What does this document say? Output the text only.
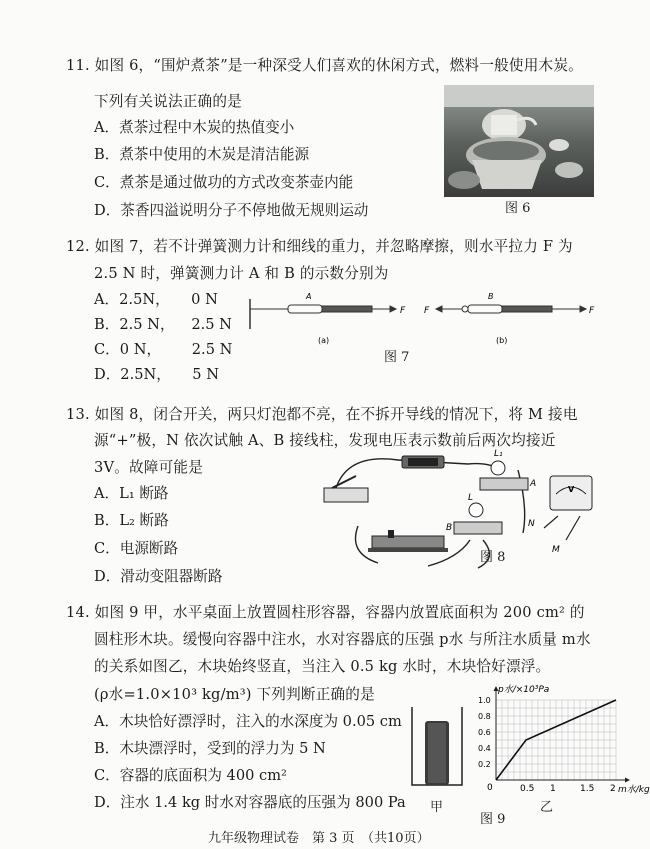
11. 如图 6，“围炉煮茶”是一种深受人们喜欢的休闲方式，燃料一般使用木炭。
下列有关说法正确的是
A．煮茶过程中木炭的热值变小
B．煮茶中使用的木炭是清洁能源
C．煮茶是通过做功的方式改变茶壶内能
D．茶香四溢说明分子不停地做无规则运动	图 6
12. 如图 7，若不计弹簧测力计和细线的重力，并忽略摩擦，则水平拉力 F 为
2.5 N 时，弹簧测力计 A 和 B 的示数分别为
A．2.5N， 0 N
B．2.5 N， 2.5 N
C．0 N， 2.5 N
D．2.5N， 5 N
A
F
(a)
F
B
F
(b)
图 7
13. 如图 8，闭合开关，两只灯泡都不亮，在不拆开导线的情况下，将 M 接电
源“+”极，N 依次试触 A、B 接线柱，发现电压表示数前后两次均接近
3V。故障可能是
A．L₁ 断路
B．L₂ 断路
C．电源断路
D．滑动变阻器断路
L₁
A
L
B
V
N
M
图 8
14. 如图 9 甲，水平桌面上放置圆柱形容器，容器内放置底面积为 200 cm² 的
圆柱形木块。缓慢向容器中注水，水对容器底的压强 p水 与所注水质量 m水
的关系如图乙，木块始终竖直，当注入 0.5 kg 水时，木块恰好漂浮。
(ρ水=1.0×10³ kg/m³) 下列判断正确的是
A．木块恰好漂浮时，注入的水深度为 0.05 cm
B．木块漂浮时，受到的浮力为 5 N
C．容器的底面积为 400 cm²
D．注水 1.4 kg 时水对容器底的压强为 800 Pa 甲
0.5 1	1.5 2
0.2
0.4
0.6
0.8
1.0
0	m水/kg
p水/×10³Pa
乙
图 9
九年级物理试卷　第 3 页　（共10页）
